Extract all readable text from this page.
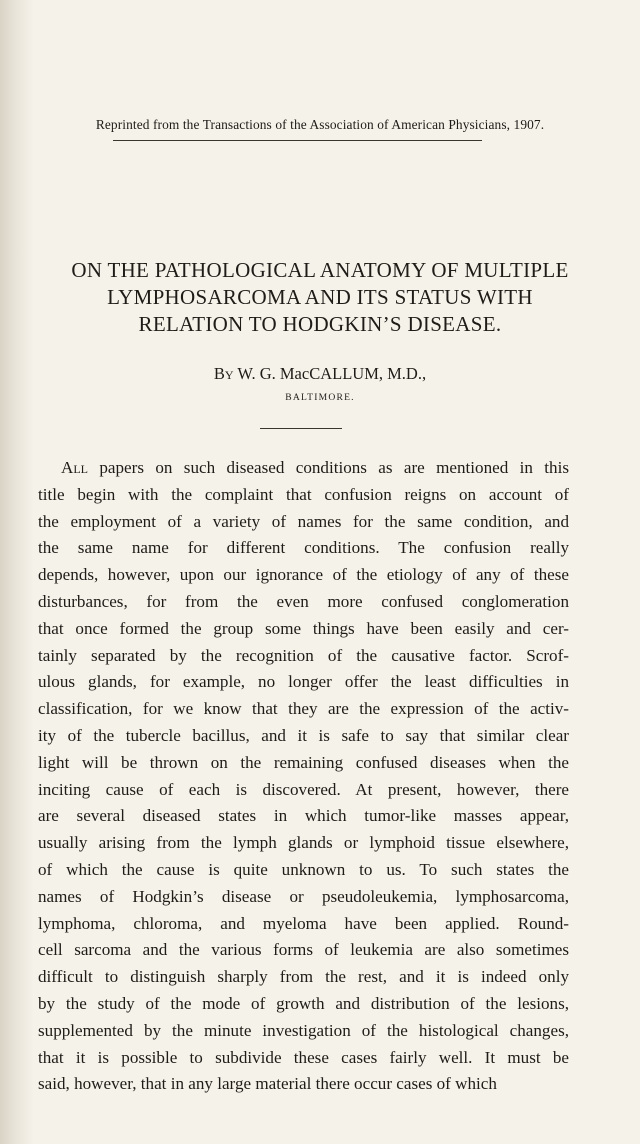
Reprinted from the Transactions of the Association of American Physicians, 1907.
ON THE PATHOLOGICAL ANATOMY OF MULTIPLE
LYMPHOSARCOMA AND ITS STATUS WITH
RELATION TO HODGKIN’S DISEASE.
By W. G. MacCALLUM, M.D.,
BALTIMORE.
All papers on such diseased conditions as are mentioned in this
title begin with the complaint that confusion reigns on account of
the employment of a variety of names for the same condition, and
the same name for different conditions. The confusion really
depends, however, upon our ignorance of the etiology of any of these
disturbances, for from the even more confused conglomeration
that once formed the group some things have been easily and cer-
tainly separated by the recognition of the causative factor. Scrof-
ulous glands, for example, no longer offer the least difficulties in
classification, for we know that they are the expression of the activ-
ity of the tubercle bacillus, and it is safe to say that similar clear
light will be thrown on the remaining confused diseases when the
inciting cause of each is discovered. At present, however, there
are several diseased states in which tumor-like masses appear,
usually arising from the lymph glands or lymphoid tissue elsewhere,
of which the cause is quite unknown to us. To such states the
names of Hodgkin’s disease or pseudoleukemia, lymphosarcoma,
lymphoma, chloroma, and myeloma have been applied. Round-
cell sarcoma and the various forms of leukemia are also sometimes
difficult to distinguish sharply from the rest, and it is indeed only
by the study of the mode of growth and distribution of the lesions,
supplemented by the minute investigation of the histological changes,
that it is possible to subdivide these cases fairly well. It must be
said, however, that in any large material there occur cases of which
